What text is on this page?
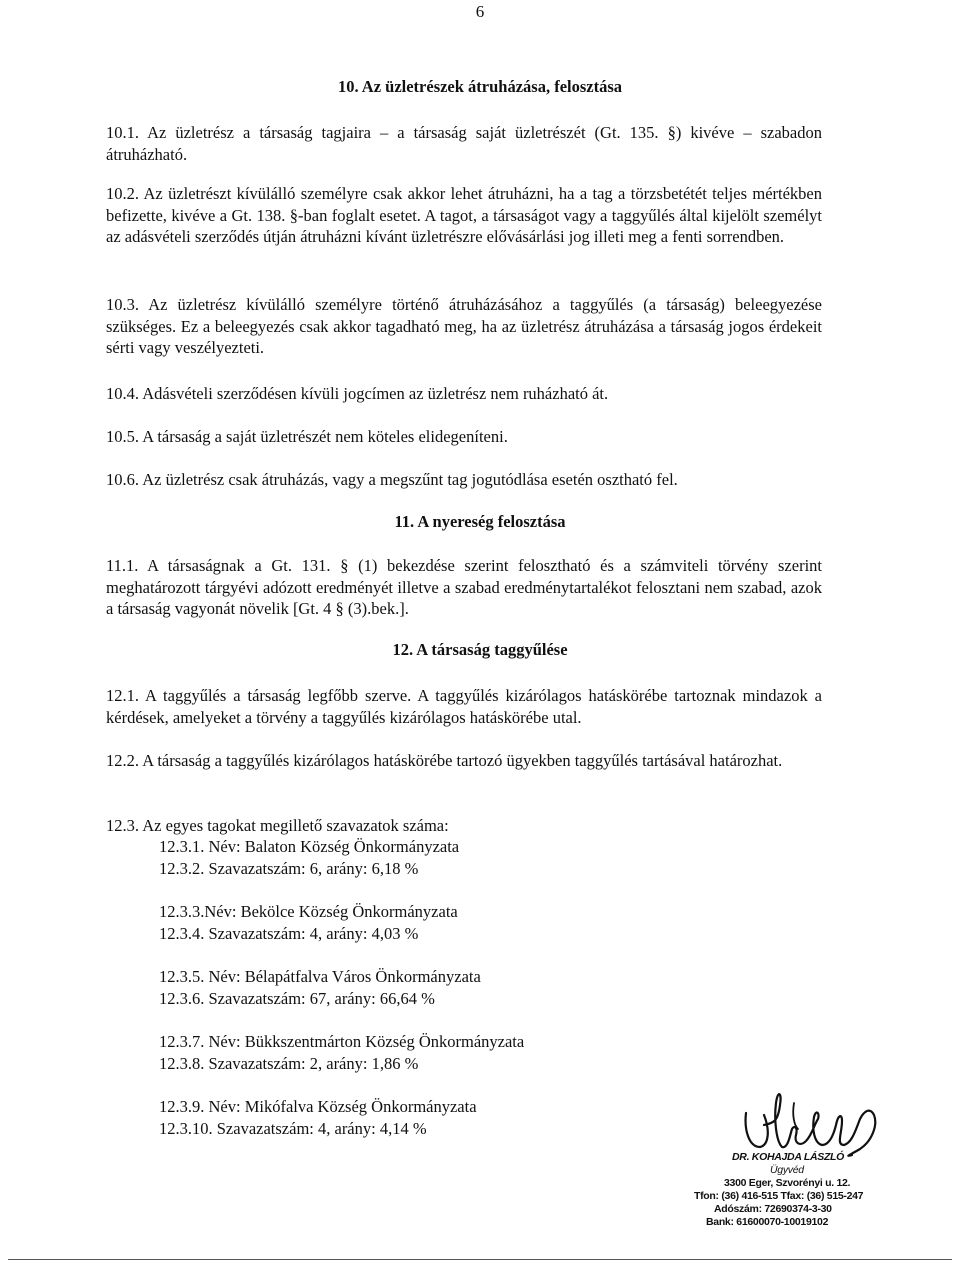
6
10. Az üzletrészek átruházása, felosztása

10.1. Az üzletrész a társaság tagjaira – a társaság saját üzletrészét (Gt. 135. §) kivéve – szabadon átruházható.

10.2. Az üzletrészt kívülálló személyre csak akkor lehet átruházni, ha a tag a törzsbetétét teljes mértékben befizette, kivéve a Gt. 138. §-ban foglalt esetet. A tagot, a társaságot vagy a taggyűlés által kijelölt személyt az adásvételi szerződés útján átruházni kívánt üzletrészre elővásárlási jog illeti meg a fenti sorrendben.

10.3. Az üzletrész kívülálló személyre történő átruházásához a taggyűlés (a társaság) beleegyezése szükséges. Ez a beleegyezés csak akkor tagadható meg, ha az üzletrész átruházása a társaság jogos érdekeit sérti vagy veszélyezteti.

10.4. Adásvételi szerződésen kívüli jogcímen az üzletrész nem ruházható át.

10.5. A társaság a saját üzletrészét nem köteles elidegeníteni.

10.6. Az üzletrész csak átruházás, vagy a megszűnt tag jogutódlása esetén osztható fel.

11. A nyereség felosztása

11.1. A társaságnak a Gt. 131. § (1) bekezdése szerint felosztható és a számviteli törvény szerint meghatározott tárgyévi adózott eredményét illetve a szabad eredménytartalékot felosztani nem szabad, azok a társaság vagyonát növelik [Gt. 4 § (3).bek.].

12. A társaság taggyűlése

12.1. A taggyűlés a társaság legfőbb szerve. A taggyűlés kizárólagos hatáskörébe tartoznak mindazok a kérdések, amelyeket a törvény a taggyűlés kizárólagos hatáskörébe utal.

12.2. A társaság a taggyűlés kizárólagos hatáskörébe tartozó ügyekben taggyűlés tartásával határozhat.

12.3. Az egyes tagokat megillető szavazatok száma:

12.3.1. Név: Balaton Község Önkormányzata
12.3.2. Szavazatszám: 6, arány: 6,18 %
12.3.3.Név: Bekölce Község Önkormányzata
12.3.4. Szavazatszám: 4, arány: 4,03 %
12.3.5. Név: Bélapátfalva Város Önkormányzata
12.3.6. Szavazatszám: 67, arány: 66,64 %
12.3.7. Név: Bükkszentmárton Község Önkormányzata
12.3.8. Szavazatszám: 2, arány: 1,86 %
12.3.9. Név: Mikófalva Község Önkormányzata
12.3.10. Szavazatszám: 4, arány: 4,14 %
DR. KOHAJDA LÁSZLÓ
Ügyvéd
3300 Eger, Szvorényi u. 12.
Tfon: (36) 416-515 Tfax: (36) 515-247
Adószám: 72690374-3-30
Bank: 61600070-10019102
